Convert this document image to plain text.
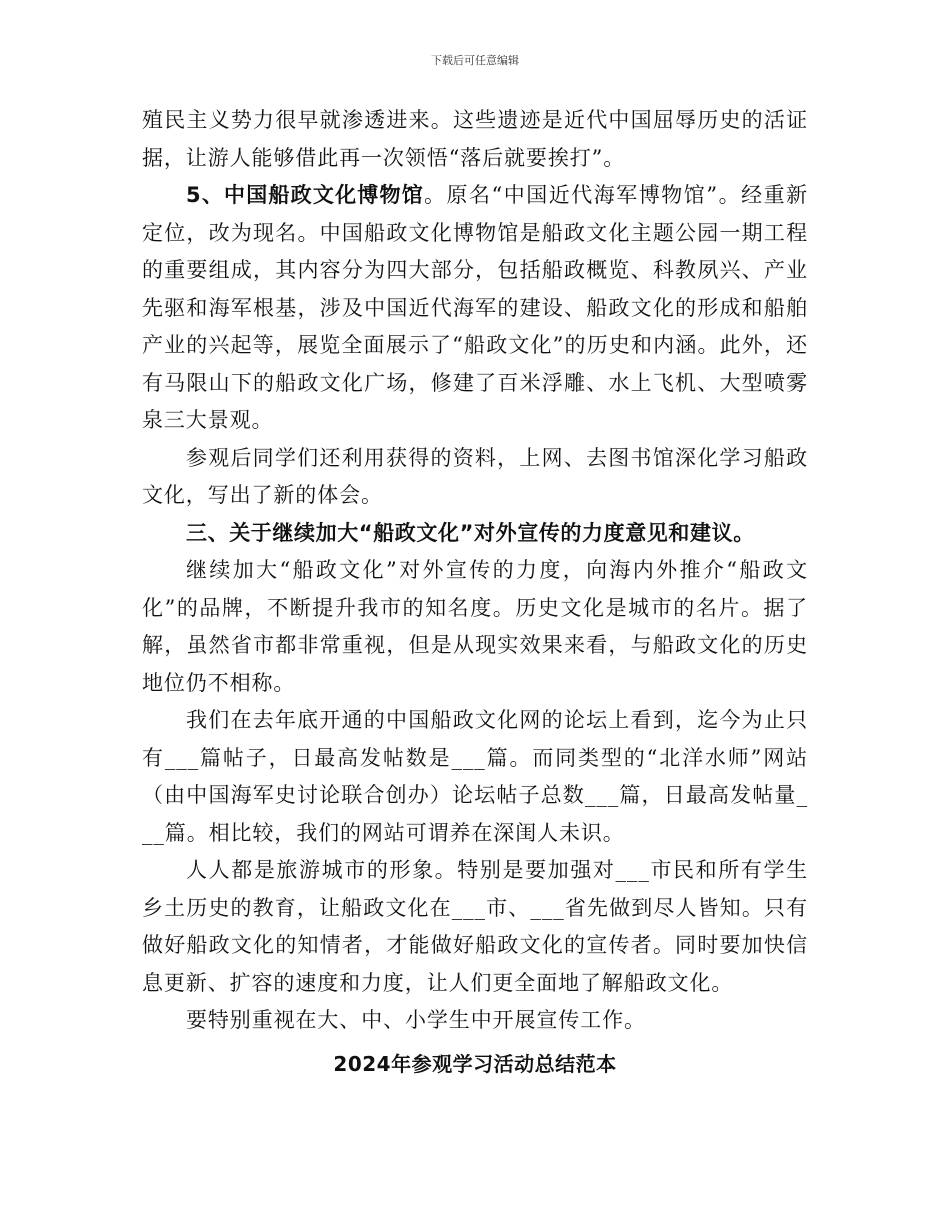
下载后可任意编辑

殖民主义势力很早就渗透进来。这些遗迹是近代中国屈辱历史的活证据，让游人能够借此再一次领悟“落后就要挨打”。

5、中国船政文化博物馆。原名“中国近代海军博物馆”。经重新定位，改为现名。中国船政文化博物馆是船政文化主题公园一期工程的重要组成，其内容分为四大部分，包括船政概览、科教夙兴、产业先驱和海军根基，涉及中国近代海军的建设、船政文化的形成和船舶产业的兴起等，展览全面展示了“船政文化”的历史和内涵。此外，还有马限山下的船政文化广场，修建了百米浮雕、水上飞机、大型喷雾泉三大景观。

参观后同学们还利用获得的资料，上网、去图书馆深化学习船政文化，写出了新的体会。

三、关于继续加大“船政文化”对外宣传的力度意见和建议。

继续加大“船政文化”对外宣传的力度，向海内外推介“船政文化”的品牌，不断提升我市的知名度。历史文化是城市的名片。据了解，虽然省市都非常重视，但是从现实效果来看，与船政文化的历史地位仍不相称。

我们在去年底开通的中国船政文化网的论坛上看到，迄今为止只有___篇帖子，日最高发帖数是___篇。而同类型的“北洋水师”网站（由中国海军史讨论联合创办）论坛帖子总数___篇，日最高发帖量___篇。相比较，我们的网站可谓养在深闺人未识。

人人都是旅游城市的形象。特别是要加强对___市民和所有学生乡土历史的教育，让船政文化在___市、___省先做到尽人皆知。只有做好船政文化的知情者，才能做好船政文化的宣传者。同时要加快信息更新、扩容的速度和力度，让人们更全面地了解船政文化。

要特别重视在大、中、小学生中开展宣传工作。

2024年参观学习活动总结范本
